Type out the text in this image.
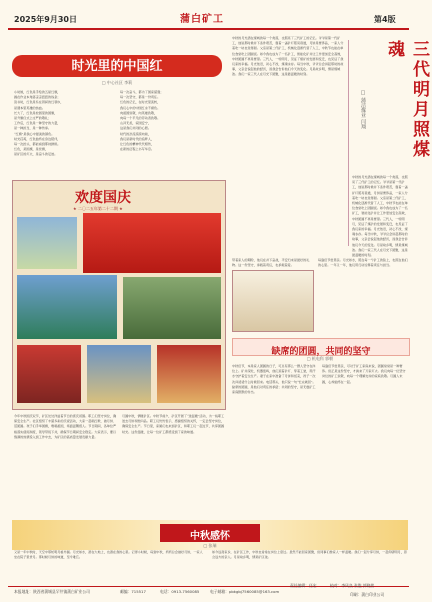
2025年9月30日	蒲白矿工	第4版
时光里的中国红
□ 中心社区 李莉
小时候，红色是手绘的五星红旗，
画在作业本角落歪歪扭扭的线条；
读书时，红色是系在颈间的红领巾，
是课本里英雄的热血。
长大了，红色是校园里的国旗，
是升旗仪式上庄严的敬礼；
工作后，红色是一种坚守的力量，
是一种担当，是一种传承。
“红旗”是我心中最美的颜色。
时光荏苒，红色始终在身边陪伴，
每一次抬头，都能看到那抹鲜艳。
红色，是国旗，是党旗，
是矿区的灯火，是奋斗的足迹。
每一次奋斗，都为了国家富强；
每一次坚守，都是一份责任。
红色的记忆，在时光里流转，
我们心中的中国红永不褪色。
向祖国致敬，向英雄致敬，
向每一个平凡的劳动者致敬。
山河无恙，家国安宁，
这是我们共同的心愿。
时代的洪流滚滚向前，
我们是新时代的追梦人，
让红色的精神代代相传，
在新的征程上书写华章。
欢度国庆
★ 二〇二五年第二十二期 ★
中秋的月光洒在煤城的每一个角落，也照亮了三代矿工的记忆。爷爷是第一代矿工，他说那时候井下条件艰苦，靠着一盏矿灯照亮巷道，月饼是奢侈品，一家人分着吃一块也觉得甜。父亲是第二代矿工，机械化逐渐代替了人工，中秋节也能在单位食堂吃上团圆饭。如今我也成为了一名矿工，智能化矿井让工作更加安全高效，中秋团圆不再是奢望。三代人，一轮明月，见证了煤矿的发展和变迁，也见证了我们家的幸福。月光依旧，初心不改，煤魂永存。每当中秋，爷爷总会讲起那时的故事，父亲会说起他的经历，而我会告诉他们今天的变化。月是故乡明，情是煤城浓。我们一家三代人在月光下团聚，这是最温暖的时刻。	三代明月照煤魂
□ 蒲洁煤业 闫翔
中秋的月光洒在煤城的每一个角落，也照亮了三代矿工的记忆。爷爷是第一代矿工，他说那时候井下条件艰苦，靠着一盏矿灯照亮巷道，月饼是奢侈品，一家人分着吃一块也觉得甜。父亲是第二代矿工，机械化逐渐代替了人工，中秋节也能在单位食堂吃上团圆饭。如今我也成为了一名矿工，智能化矿井让工作更加安全高效，中秋团圆不再是奢望。三代人，一轮明月，见证了煤矿的发展和变迁，也见证了我们家的幸福。月光依旧，初心不改，煤魂永存。每当中秋，爷爷总会讲起那时的故事，父亲会说起他的经历，而我会告诉他们今天的变化。月是故乡明，情是煤城浓。我们一家三代人在月光下团聚，这是最温暖的时刻。
带着家人的期盼，他们在井下奋战，平安归来是最好的礼物。这一份坚守，承载着责任，也承载着爱。
每逢佳节倍思亲。月光如水，照在每一个矿工的脸上，也照在他们的心里。一年又一年，他们用行动诠释着责任与担当。
缺席的团圆，共同的坚守
□ 机电科 郭朝
中秋佳节，本是家人团圆的日子，可总有那么一群人坚守在岗位上。矿井深处，机器轰鸣，他们顶着矿灯、穿着工装，用汗水守护着安全生产。妻子在家中准备了月饼和饭菜，孩子一次次问爸爸什么时候回来。电话那头，他只说一句“忙完就回”。缺席的团圆，是他们对责任的承诺；共同的坚守，是无数矿工家庭默默的付出。
每逢佳节倍思亲，可对于矿工家庭来说，团圆常常是一种奢侈。但正是这份坚守，才换来了万家灯火。我们向每一位坚守岗位的矿工致敬，向每一个理解支持的家庭致敬。月圆人未圆，心却始终在一起。
今年中秋国庆双节，矿区处处洋溢着节日的喜庆氛围。职工们坚守岗位，确保安全生产。社区组织了丰富多彩的庆祝活动，大家一起唱红歌、做月饼、话团圆。孩子们手举国旗，歌唱祖国，场面温馨感人。节日期间，各单位严格落实值班制度，领导带班下井，确保节日期间安全稳定。大家表示，要以饱满的热情投入到工作中去，为矿区的高质量发展贡献力量。
月圆中秋，情暖矿区。中秋节前夕，矿区开展了“送温暖”活动，为一线职工送去月饼和慰问品。职工们纷纷表示，感谢组织的关怀，一定会坚守岗位，确保安全生产。节日里，家属们也来到矿区，和职工们一起过节，共享团圆时光。这份温暖，让每一位矿工都感受到了家的味道。
中秋感怀
□ 张瑞
又是一年中秋时，天空中那轮明月格外圆。月光如水，洒在大地上，也洒在我的心里。记得小时候，每到中秋，奶奶总会做好月饼，一家人坐在院子里赏月。那时候月饼的味道，至今难忘。
如今远离家乡，在矿区工作，中秋也常常在岗位上度过。虽然不能回家团聚，但同事们像家人一样温暖。我们一起分享月饼，一起仰望明月，思念远方的亲人。月是故乡明，情是矿区浓。
本报地址：陕西省蒲城县罕井镇蒲白矿业公司	邮编：715517	电话：0913-7560085	电子邮箱：pbkgbj7560085@163.com
责任编辑：任宏	校对：李风良 张俊 郭晓茜
印刷：蒲白印业公司
